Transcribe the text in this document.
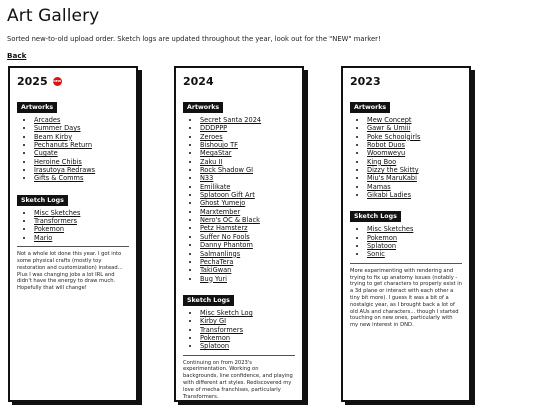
Art Gallery

Sorted new-to-old upload order. Sketch logs are updated throughout the year, look out for the "NEW" marker!

Back
2025 NEW
Artworks
• Arcades
• Summer Days
• Beam Kirby
• Pechanuts Return
• Cugate
• Heroine Chibis
• Irasutoya Redraws
• Gifts & Comms
Sketch Logs
• Misc Sketches
• Transformers
• Pokemon
• Mario

Not a whole lot done this year. I got into some physical crafts (mostly toy restoration and customization) instead... Plus I was changing jobs a lot IRL and didn't have the energy to draw much. Hopefully that will change!

2024
Artworks
• Secret Santa 2024
• DDDPPP
• Zeroes
• Bishoujo TF
• MegaStar
• Zaku II
• Rock Shadow GI
• N33
• Emilikate
• Splatoon Gift Art
• Ghost Yumejo
• Marxtember
• Nero's OC & Black
• Petz Hamsterz
• Suffer No Fools
• Danny Phantom
• Salmanlings
• PechaTera
• TakiGwan
• Bug Yuri
Sketch Logs
• Misc Sketch Log
• Kirby GI
• Transformers
• Pokemon
• Splatoon

Continuing on from 2023's experimentation. Working on backgrounds, line confidence, and playing with different art styles. Rediscovered my love of mecha franchises, particularly Transformers.

2023
Artworks
• Mew Concept
• Gawr & Umiii
• Poke Schoolgirls
• Robot Duos
• Woomweyu
• King Boo
• Dizzy the Skitty
• Miu's MaruKabi
• Mamas
• Gikabi Ladies
Sketch Logs
• Misc Sketches
• Pokemon
• Splatoon
• Sonic

More experimenting with rendering and trying to fix up anatomy issues (notably - trying to get characters to properly exist in a 3d plane or interact with each other a tiny bit more). I guess it was a bit of a nostalgic year, as I brought back a lot of old AUs and characters... though I started touching on new ones, particularly with my new interest in DND.
